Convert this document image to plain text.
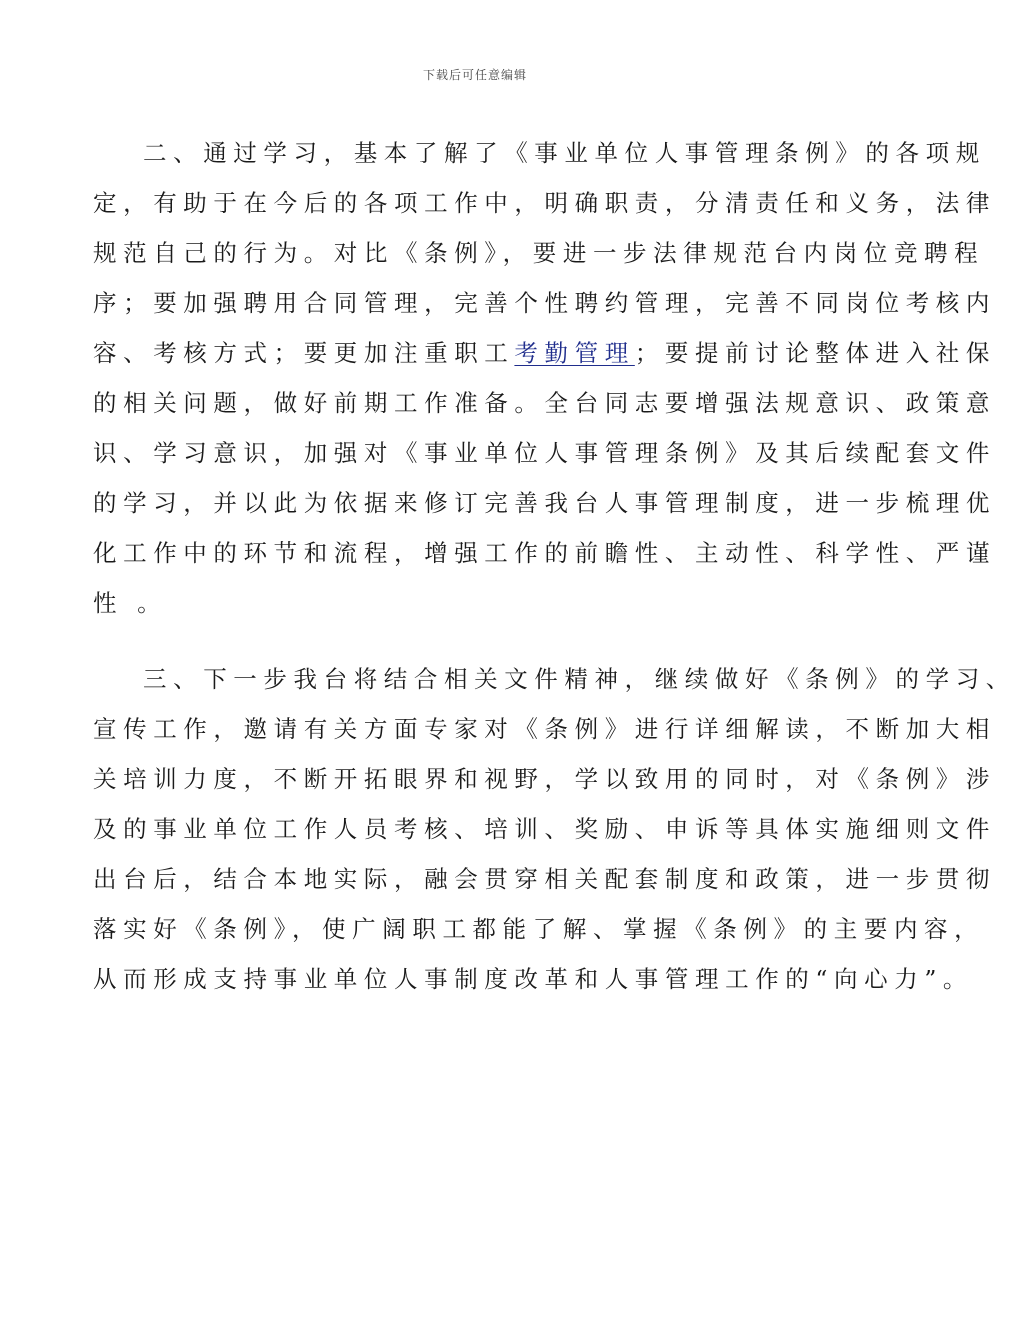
下载后可任意编辑

二、通过学习，基本了解了《事业单位人事管理条例》的各项规

定，有助于在今后的各项工作中，明确职责，分清责任和义务，法律

规范自己的行为。对比《条例》，要进一步法律规范台内岗位竞聘程

序；要加强聘用合同管理，完善个性聘约管理，完善不同岗位考核内

容、考核方式；要更加注重职工考勤管理；要提前讨论整体进入社保

的相关问题，做好前期工作准备。全台同志要增强法规意识、政策意

识、学习意识，加强对《事业单位人事管理条例》及其后续配套文件

的学习，并以此为依据来修订完善我台人事管理制度，进一步梳理优

化工作中的环节和流程，增强工作的前瞻性、主动性、科学性、严谨

性 。

三、下一步我台将结合相关文件精神，继续做好《条例》的学习、

宣传工作，邀请有关方面专家对《条例》进行详细解读，不断加大相

关培训力度，不断开拓眼界和视野，学以致用的同时，对《条例》涉

及的事业单位工作人员考核、培训、奖励、申诉等具体实施细则文件

出台后，结合本地实际，融会贯穿相关配套制度和政策，进一步贯彻

落实好《条例》，使广阔职工都能了解、掌握《条例》的主要内容，

从而形成支持事业单位人事制度改革和人事管理工作的“向心力”。
